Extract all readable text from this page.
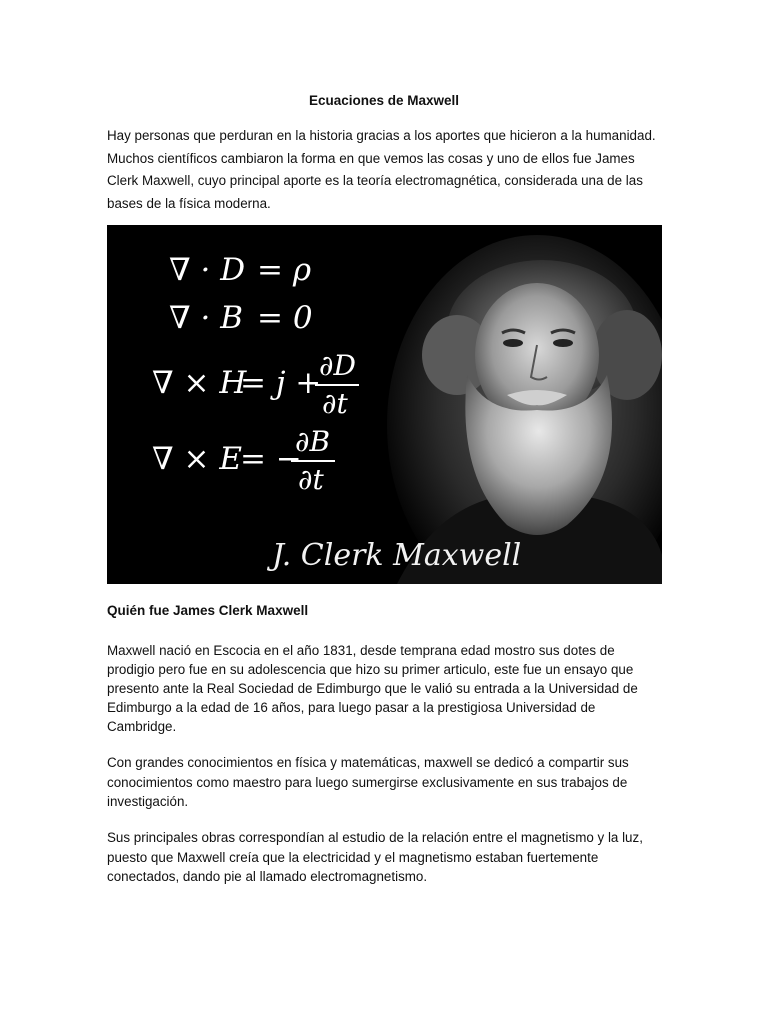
Ecuaciones de Maxwell

Hay personas que perduran en la historia gracias a los aportes que hicieron a la humanidad. Muchos científicos cambiaron la forma en que vemos las cosas y uno de ellos fue James Clerk Maxwell, cuyo principal aporte es la teoría electromagnética, considerada una de las bases de la física moderna.

∇ · D = ρ
∇ · B = 0
∇ × H
= j +
∂D
∂t
∇ × E
= −
∂B
∂t
J. Clerk Maxwell
Quién fue James Clerk Maxwell

Maxwell nació en Escocia en el año 1831, desde temprana edad mostro sus dotes de prodigio pero fue en su adolescencia que hizo su primer articulo, este fue un ensayo que presento ante la Real Sociedad de Edimburgo que le valió su entrada a la Universidad de Edimburgo a la edad de 16 años, para luego pasar a la prestigiosa Universidad de Cambridge.

Con grandes conocimientos en física y matemáticas, maxwell se dedicó a compartir sus conocimientos como maestro para luego sumergirse exclusivamente en sus trabajos de investigación.

Sus principales obras correspondían al estudio de la relación entre el magnetismo y la luz, puesto que Maxwell creía que la electricidad y el magnetismo estaban fuertemente conectados, dando pie al llamado electromagnetismo.
